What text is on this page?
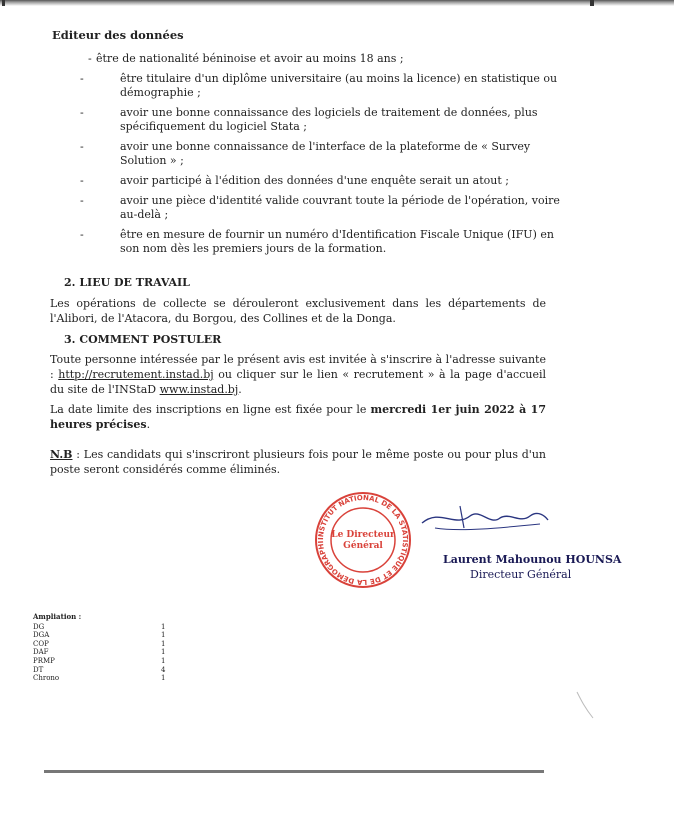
Editeur des données
- être de nationalité béninoise et avoir au moins 18 ans ;
-	être titulaire d'un diplôme universitaire (au moins la licence) en statistique ou démographie ;
-	avoir une bonne connaissance des logiciels de traitement de données, plus spécifiquement du logiciel Stata ;
-	avoir une bonne connaissance de l'interface de la plateforme de « Survey Solution » ;
-	avoir participé à l'édition des données d'une enquête serait un atout ;
-	avoir une pièce d'identité valide couvrant toute la période de l'opération, voire au-delà ;
-	être en mesure de fournir un numéro d'Identification Fiscale Unique (IFU) en son nom dès les premiers jours de la formation.
2. LIEU DE TRAVAIL
Les opérations de collecte se dérouleront exclusivement dans les départements de l'Alibori, de l'Atacora, du Borgou, des Collines et de la Donga.
3. COMMENT POSTULER
Toute personne intéressée par le présent avis est invitée à s'inscrire à l'adresse suivante : http://recrutement.instad.bj ou cliquer sur le lien « recrutement » à la page d'accueil du site de l'INStaD www.instad.bj.
La date limite des inscriptions en ligne est fixée pour le mercredi 1er juin 2022 à 17 heures précises.
N.B : Les candidats qui s'inscriront plusieurs fois pour le même poste ou pour plus d'un poste seront considérés comme éliminés.
INSTITUT NATIONAL DE LA STATISTIQUE ET DE LA DÉMOGRAPHI
Le Directeur
Général
Laurent Mahounou HOUNSA
Directeur Général
Ampliation :
DG	1
DGA	1
COP	1
DAF	1
PRMP	1
DT	4
Chrono	1
